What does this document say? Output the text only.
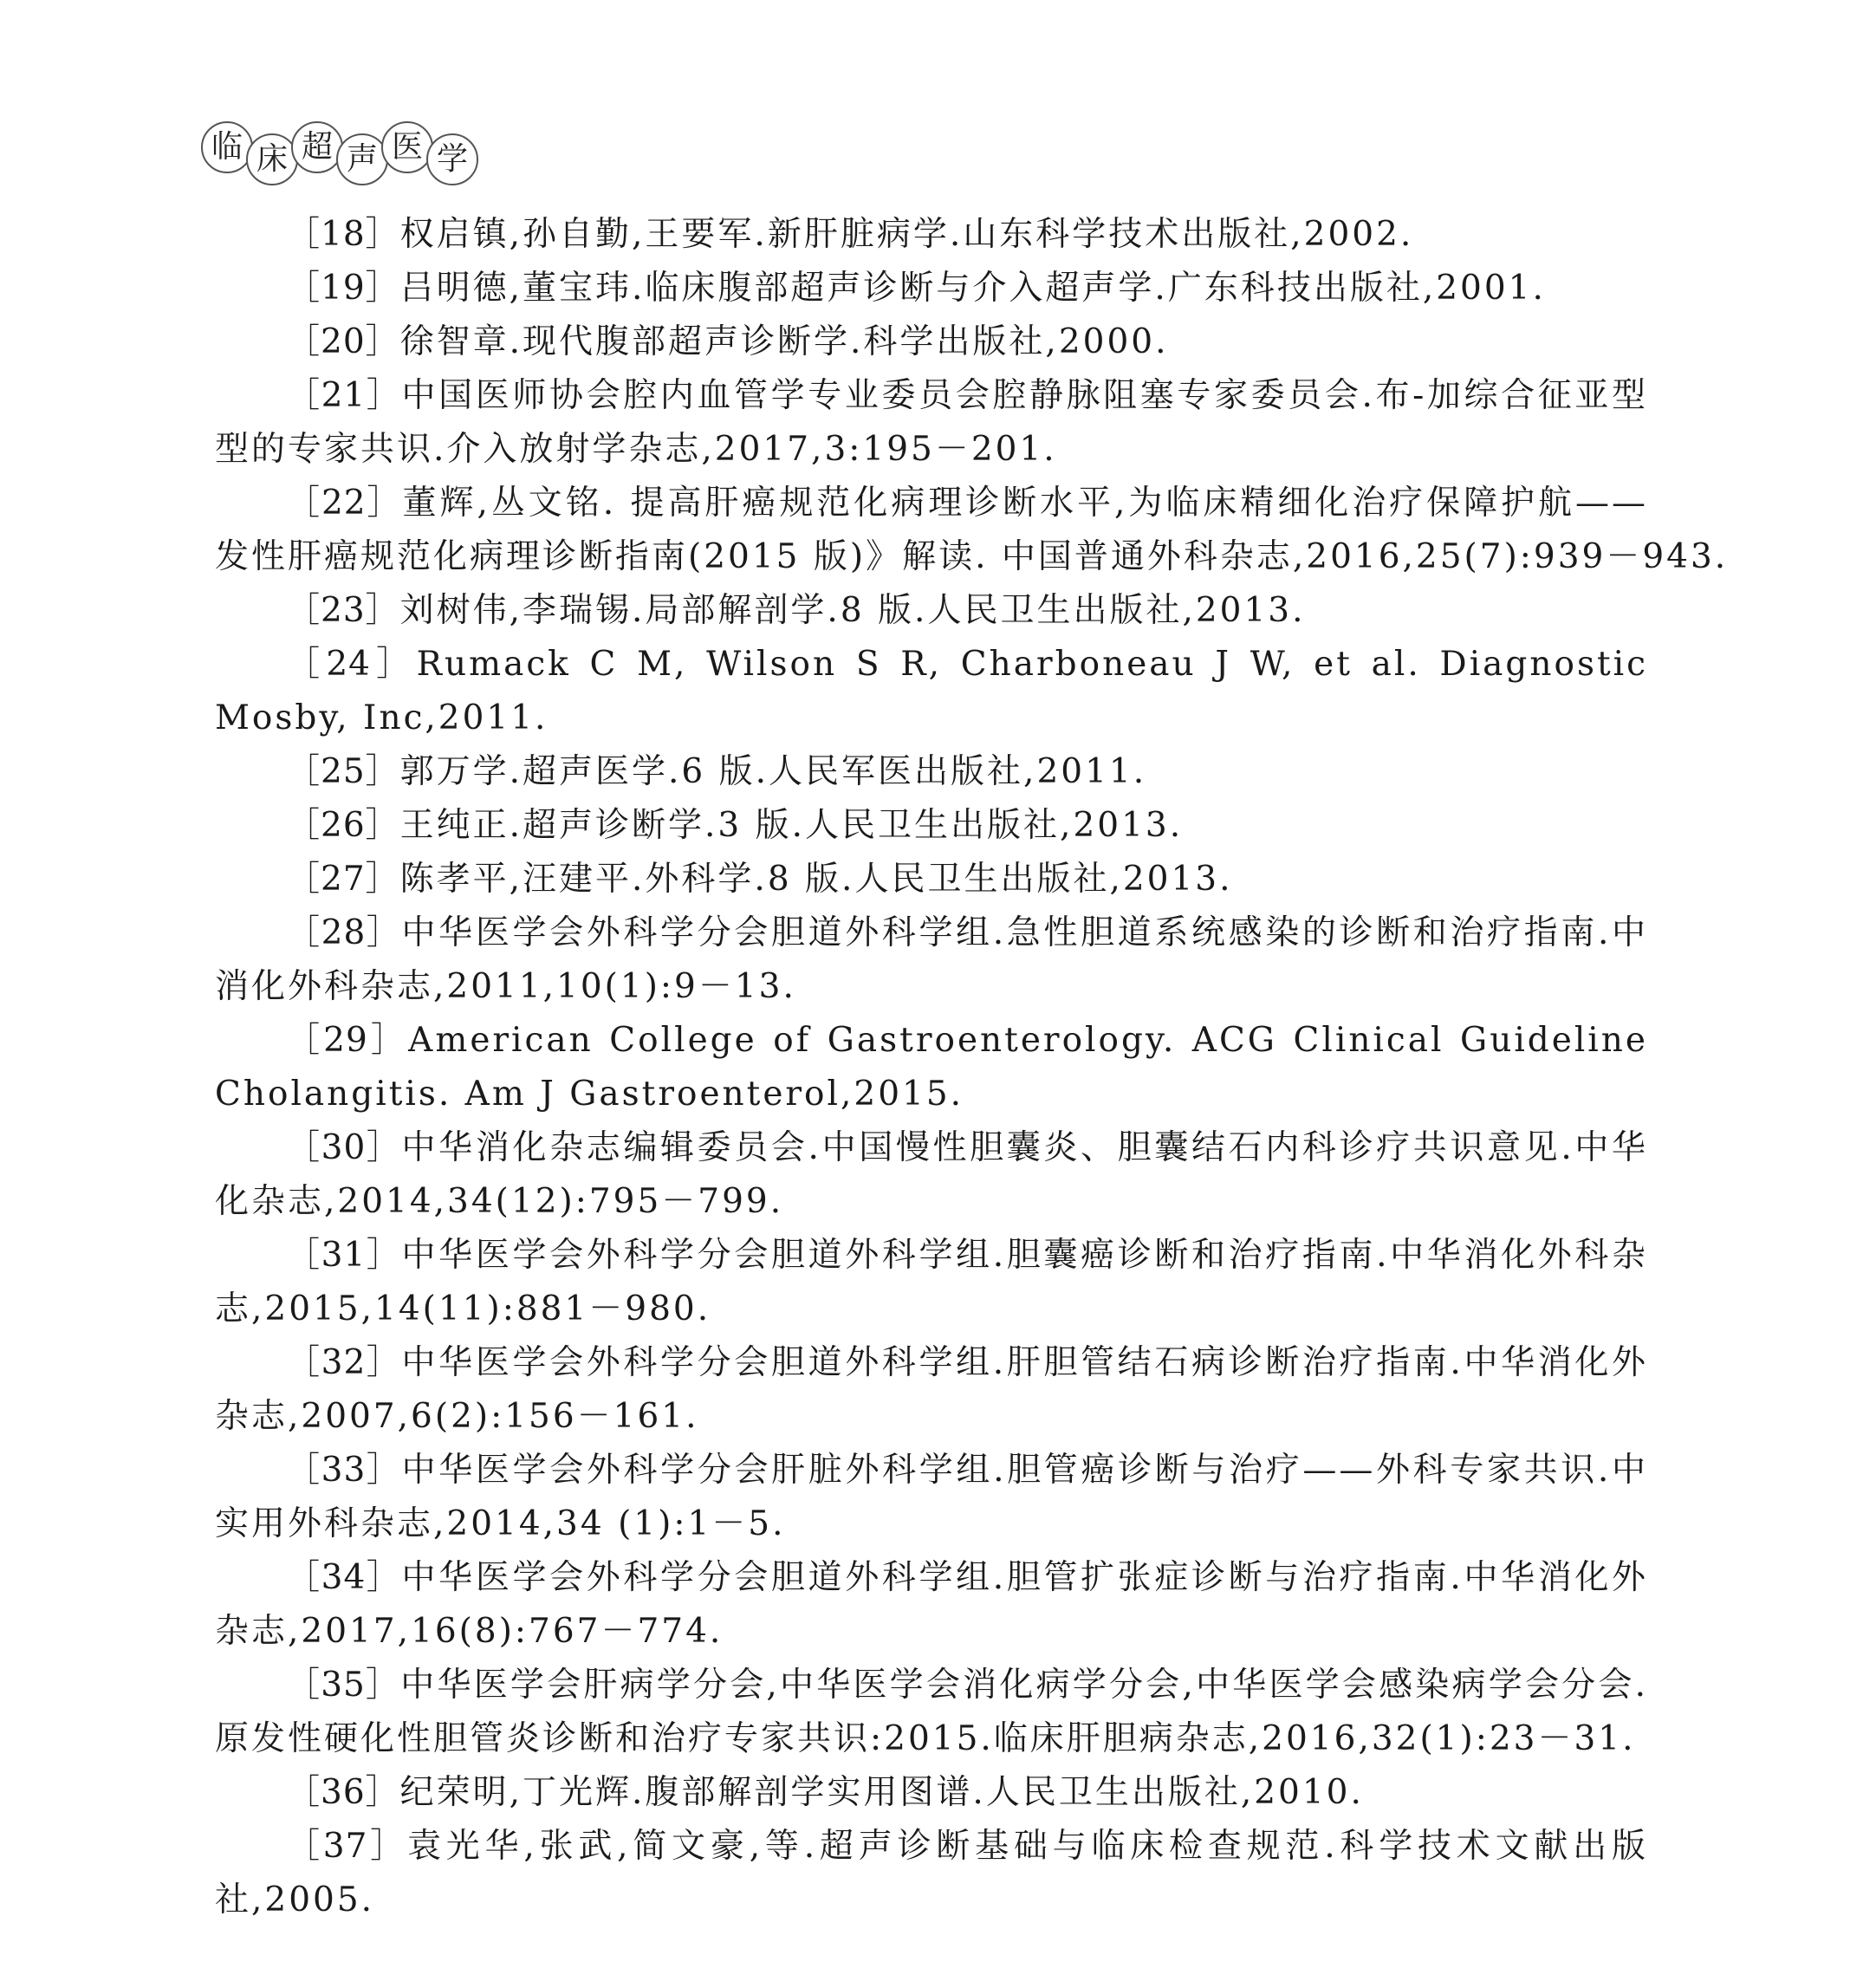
临 床 超 声 医 学
［18］权启镇,孙自勤,王要军.新肝脏病学.山东科学技术出版社,2002.
［19］吕明德,董宝玮.临床腹部超声诊断与介入超声学.广东科技出版社,2001.
［20］徐智章.现代腹部超声诊断学.科学出版社,2000.
［21］中国医师协会腔内血管学专业委员会腔静脉阻塞专家委员会.布-加综合征亚型
型的专家共识.介入放射学杂志,2017,3:195－201.
［22］董辉,丛文铭. 提高肝癌规范化病理诊断水平,为临床精细化治疗保障护航——
发性肝癌规范化病理诊断指南(2015 版)》解读. 中国普通外科杂志,2016,25(7):939－943.
［23］刘树伟,李瑞锡.局部解剖学.8 版.人民卫生出版社,2013.
［24］Rumack C M, Wilson S R, Charboneau J W, et al. Diagnostic
Mosby, Inc,2011.
［25］郭万学.超声医学.6 版.人民军医出版社,2011.
［26］王纯正.超声诊断学.3 版.人民卫生出版社,2013.
［27］陈孝平,汪建平.外科学.8 版.人民卫生出版社,2013.
［28］中华医学会外科学分会胆道外科学组.急性胆道系统感染的诊断和治疗指南.中
消化外科杂志,2011,10(1):9－13.
［29］American College of Gastroenterology. ACG Clinical Guideline
Cholangitis. Am J Gastroenterol,2015.
［30］中华消化杂志编辑委员会.中国慢性胆囊炎、胆囊结石内科诊疗共识意见.中华
化杂志,2014,34(12):795－799.
［31］中华医学会外科学分会胆道外科学组.胆囊癌诊断和治疗指南.中华消化外科杂
志,2015,14(11):881－980.
［32］中华医学会外科学分会胆道外科学组.肝胆管结石病诊断治疗指南.中华消化外
杂志,2007,6(2):156－161.
［33］中华医学会外科学分会肝脏外科学组.胆管癌诊断与治疗——外科专家共识.中
实用外科杂志,2014,34 (1):1－5.
［34］中华医学会外科学分会胆道外科学组.胆管扩张症诊断与治疗指南.中华消化外
杂志,2017,16(8):767－774.
［35］中华医学会肝病学分会,中华医学会消化病学分会,中华医学会感染病学会分会.
原发性硬化性胆管炎诊断和治疗专家共识:2015.临床肝胆病杂志,2016,32(1):23－31.
［36］纪荣明,丁光辉.腹部解剖学实用图谱.人民卫生出版社,2010.
［37］袁光华,张武,简文豪,等.超声诊断基础与临床检查规范.科学技术文献出版
社,2005.
